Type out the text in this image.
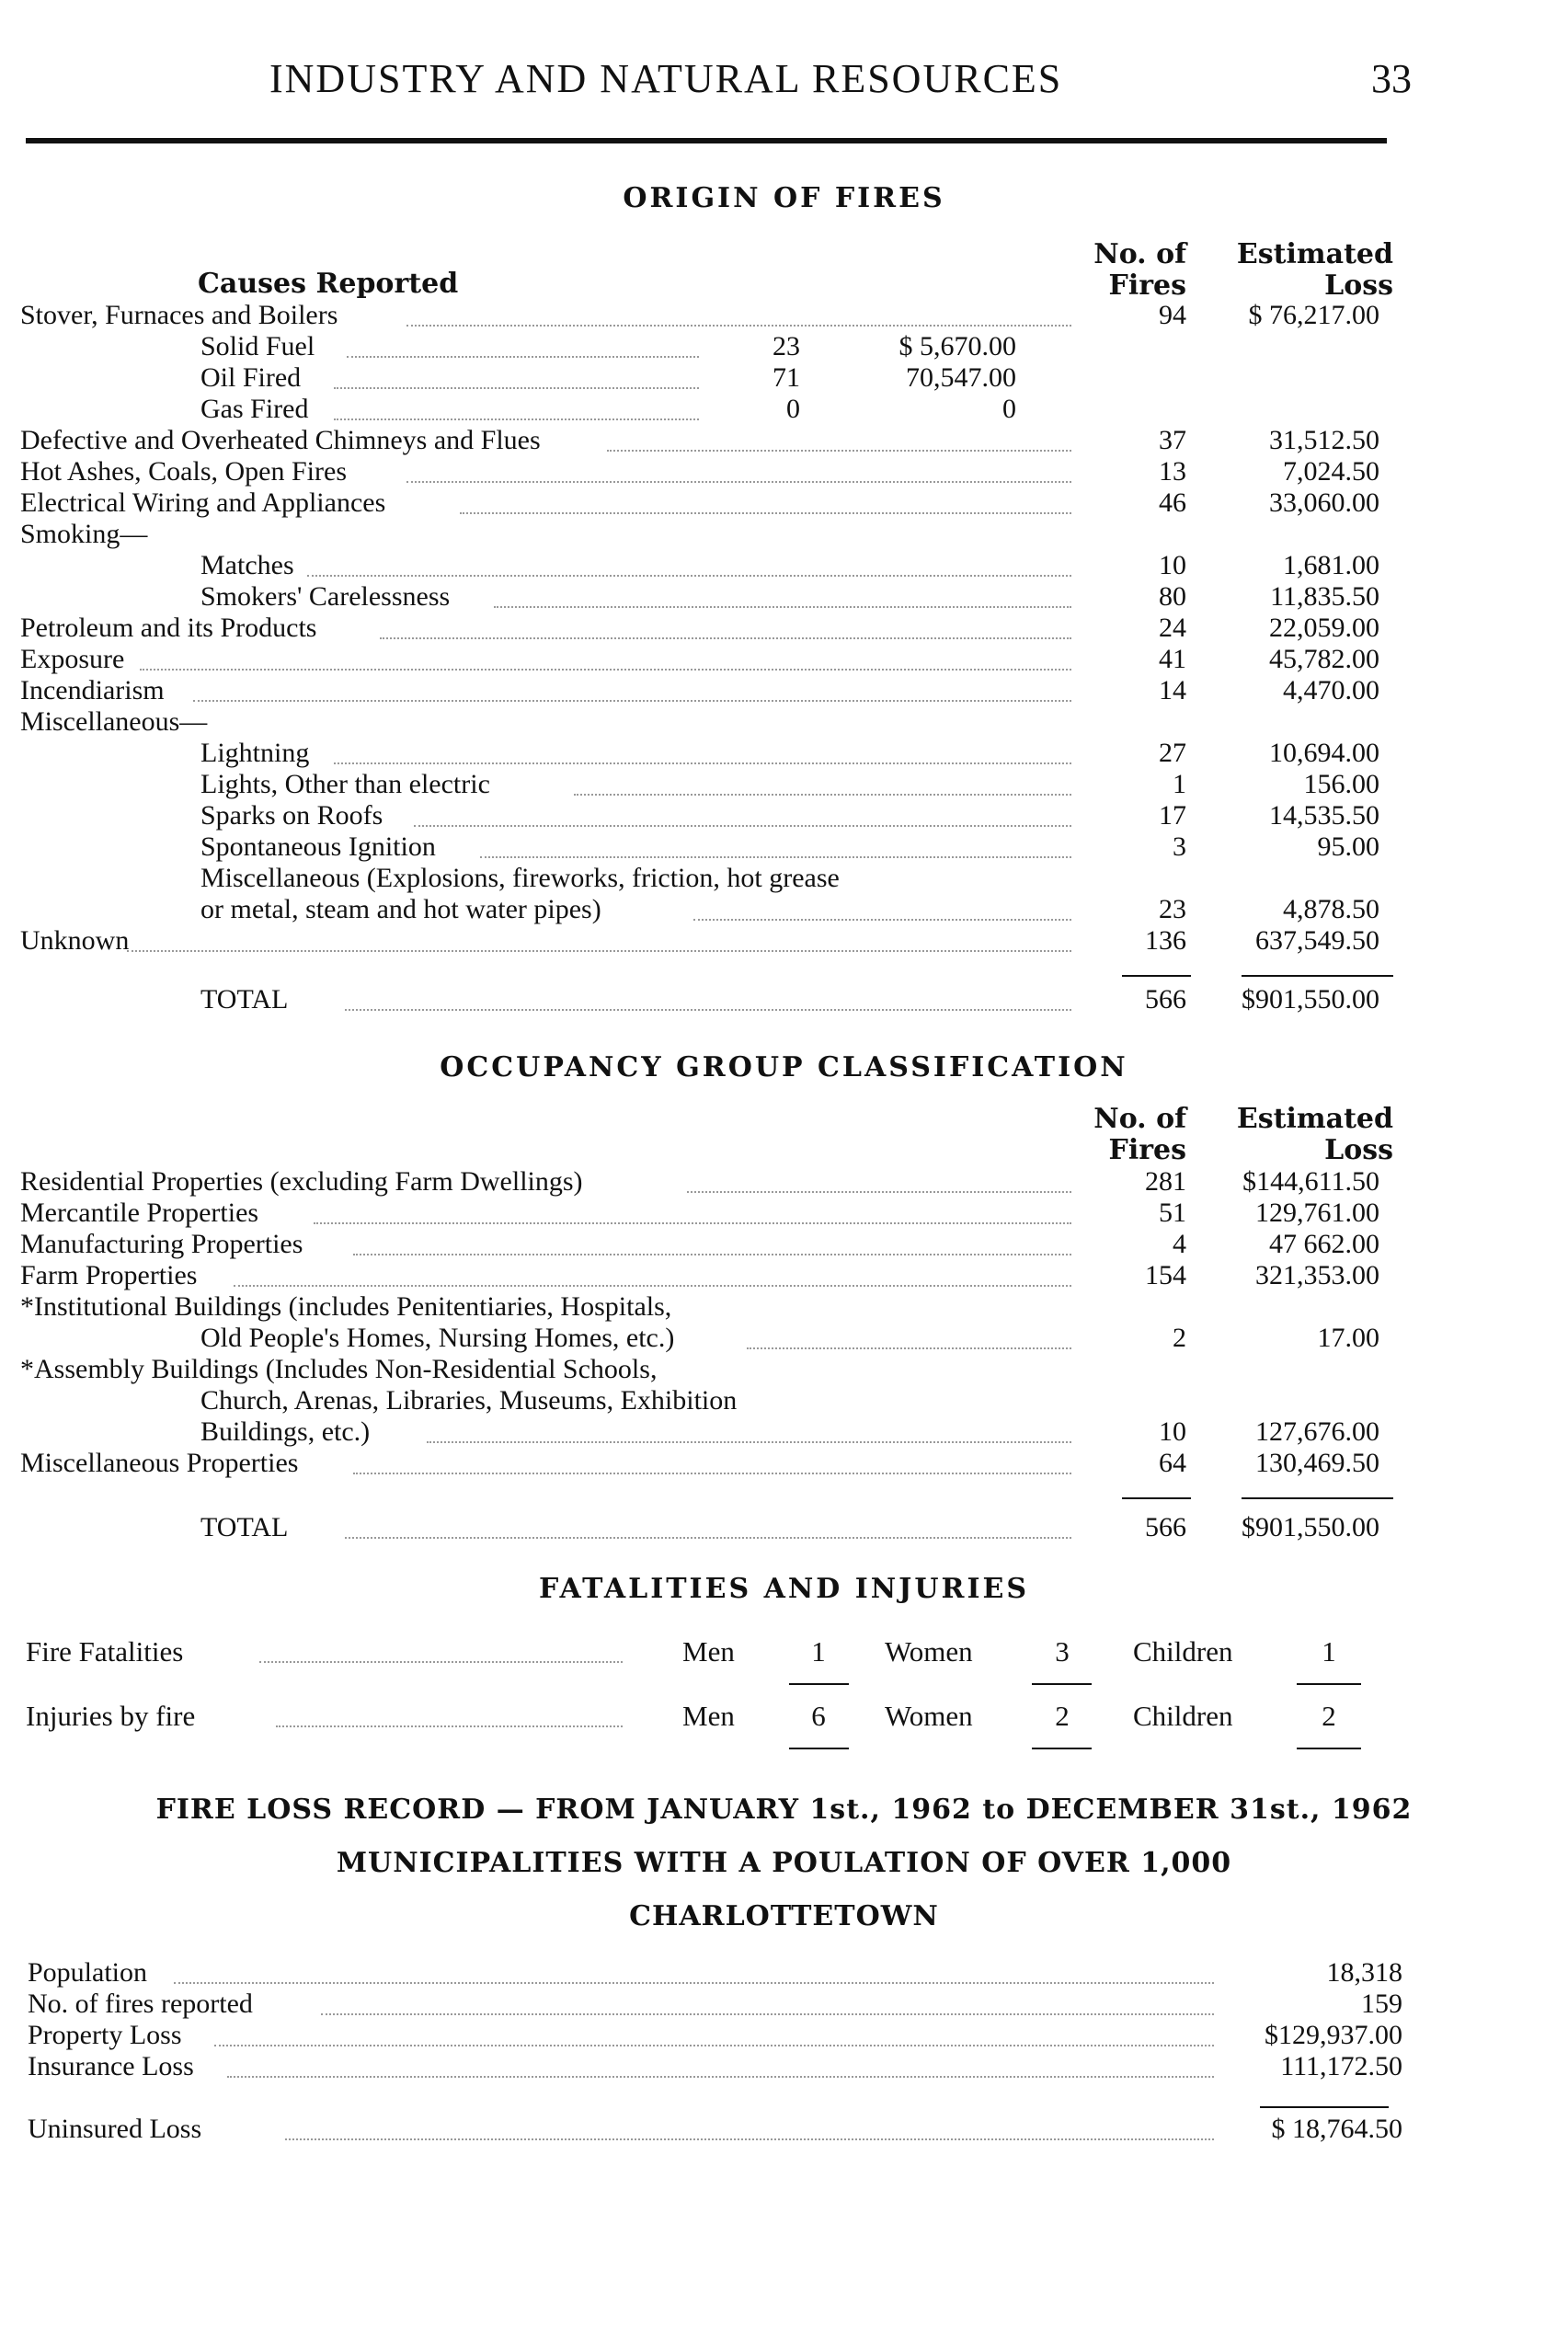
INDUSTRY AND NATURAL RESOURCES	33
ORIGIN OF FIRES
No. of
Fires
Estimated
Loss
Causes Reported
Stover, Furnaces and Boilers	94	$ 76,217.00
Solid Fuel	23	$ 5,670.00
Oil Fired	71	70,547.00
Gas Fired	0	0
Defective and Overheated Chimneys and Flues	37	31,512.50
Hot Ashes, Coals, Open Fires	13	7,024.50
Electrical Wiring and Appliances	46	33,060.00
Smoking—
Matches	10	1,681.00
Smokers' Carelessness	80	11,835.50
Petroleum and its Products	24	22,059.00
Exposure	41	45,782.00
Incendiarism	14	4,470.00
Miscellaneous—
Lightning	27	10,694.00
Lights, Other than electric	1	156.00
Sparks on Roofs	17	14,535.50
Spontaneous Ignition	3	95.00
Miscellaneous (Explosions, fireworks, friction, hot grease
or metal, steam and hot water pipes)	23	4,878.50
Unknown	136	637,549.50
TOTAL	566	$901,550.00
OCCUPANCY GROUP CLASSIFICATION
No. of
Fires
Estimated
Loss
Residential Properties (excluding Farm Dwellings)	281	$144,611.50
Mercantile Properties	51	129,761.00
Manufacturing Properties	4	47 662.00
Farm Properties	154	321,353.00
*Institutional Buildings (includes Penitentiaries, Hospitals,
Old People's Homes, Nursing Homes, etc.)	2	17.00
*Assembly Buildings (Includes Non-Residential Schools,
Church, Arenas, Libraries, Museums, Exhibition
Buildings, etc.)	10	127,676.00
Miscellaneous Properties	64	130,469.50
TOTAL	566	$901,550.00
FATALITIES AND INJURIES
Fire Fatalities	Men	1	Women	3	Children	1
Injuries by fire	Men	6	Women	2	Children	2
FIRE LOSS RECORD — FROM JANUARY 1st., 1962 to DECEMBER 31st., 1962
MUNICIPALITIES WITH A POULATION OF OVER 1,000
CHARLOTTETOWN
Population	18,318
No. of fires reported	159
Property Loss	$129,937.00
Insurance Loss	111,172.50
Uninsured Loss	$ 18,764.50
